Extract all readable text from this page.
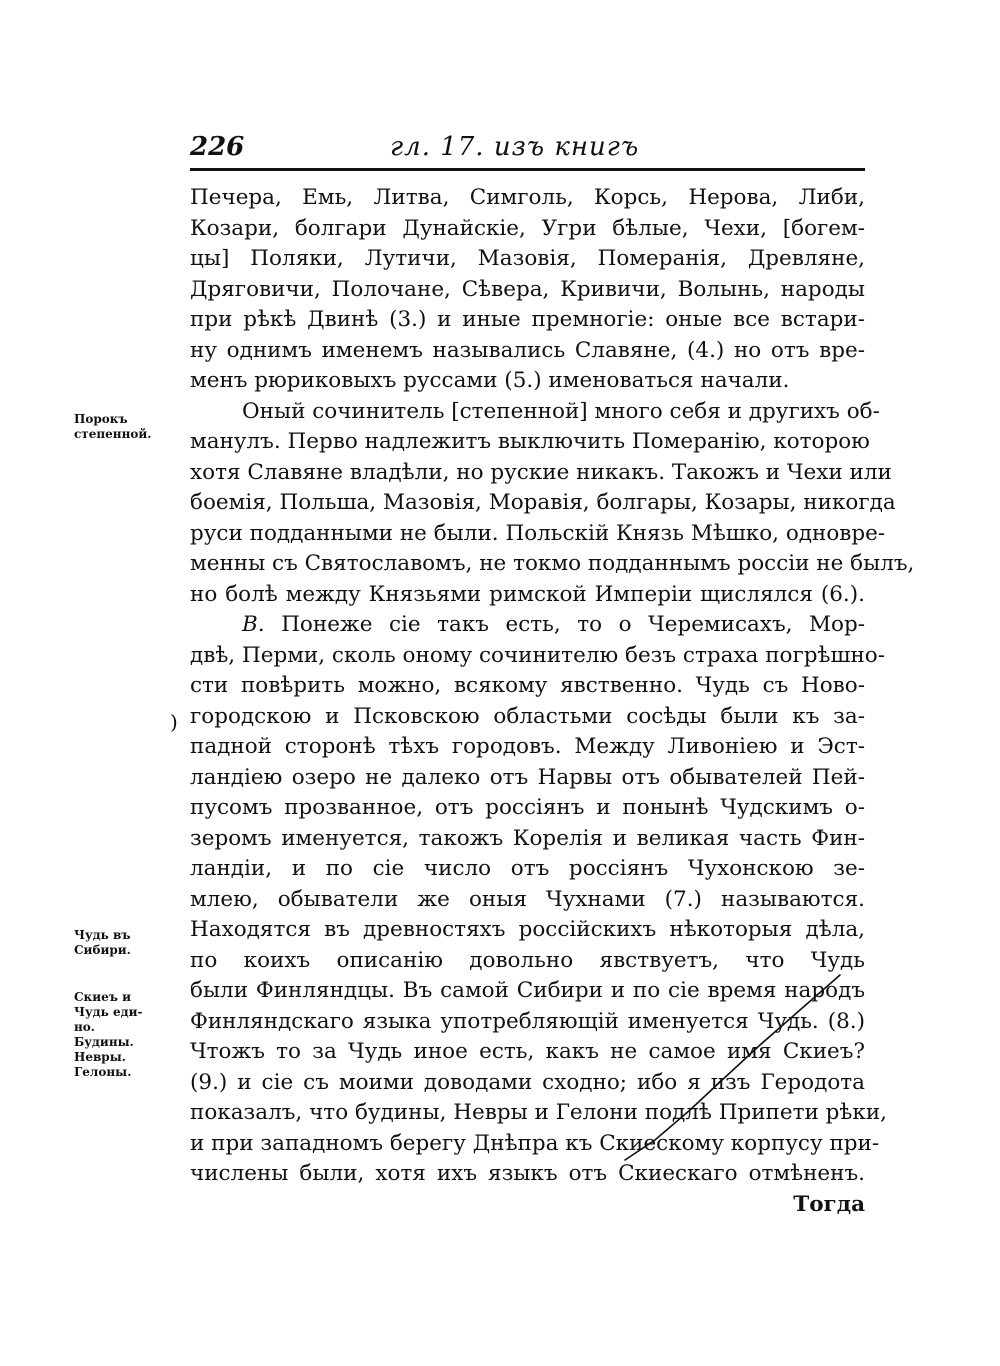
226	гл. 17. изъ книгъ
Порокъ
степенной.
Чудь въ
Сибири.
Скиеъ и
Чудь еди-
но.
Будины.
Невры.
Гелоны.
)
Печера, Емь, Литва, Симголь, Корсь, Нерова, Либи,
Козари, болгари Дунайскіе, Угри бѣлые, Чехи, [богем-
цы] Поляки, Лутичи, Мазовія, Померанія, Древляне,
Дряговичи, Полочане, Сѣвера, Кривичи, Волынь, народы
при рѣкѣ Двинѣ (3.) и иные премногіе: оные все встари-
ну однимъ именемъ назывались Славяне, (4.) но отъ вре-
менъ рюриковыхъ руссами (5.) именоваться начали.
Оный сочинитель [степенной] много себя и другихъ об-
манулъ. Перво надлежитъ выключить Померанію, которою
хотя Славяне владѣли, но руские никакъ. Такожъ и Чехи или
боемія, Польша, Мазовія, Моравія, болгары, Козары, никогда
руси подданными не были. Польскій Князь Мѣшко, одновре-
менны съ Святославомъ, не токмо подданнымъ россіи не былъ,
но болѣ между Князьями римской Имперіи щислялся (6.).
В. Понеже сіе такъ есть, то о Черемисахъ, Мор-
двѣ, Перми, сколь оному сочинителю безъ страха погрѣшно-
сти повѣрить можно, всякому явственно. Чудь съ Ново-
городскою и Псковскою областьми сосѣды были къ за-
падной сторонѣ тѣхъ городовъ. Между Ливоніею и Эст-
ландіею озеро не далеко отъ Нарвы отъ обывателей Пей-
пусомъ прозванное, отъ россіянъ и понынѣ Чудскимъ о-
зеромъ именуется, такожъ Корелія и великая часть Фин-
ландіи, и по сіе число отъ россіянъ Чухонскою зе-
млею, обыватели же оныя Чухнами (7.) называются.
Находятся въ древностяхъ россійскихъ нѣкоторыя дѣла,
по коихъ описанію довольно явствуетъ, что Чудь
были Финляндцы. Въ самой Сибири и по сіе время народъ
Финляндскаго языка употребляющій именуется Чудь. (8.)
Чтожъ то за Чудь иное есть, какъ не самое имя Скиеъ?
(9.) и сіе съ моими доводами сходно; ибо я изъ Геродота
показалъ, что будины, Невры и Гелони подлѣ Припети рѣки,
и при западномъ берегу Днѣпра къ Скиескому корпусу при-
числены были, хотя ихъ языкъ отъ Скиескаго отмѣненъ.
Тогда
